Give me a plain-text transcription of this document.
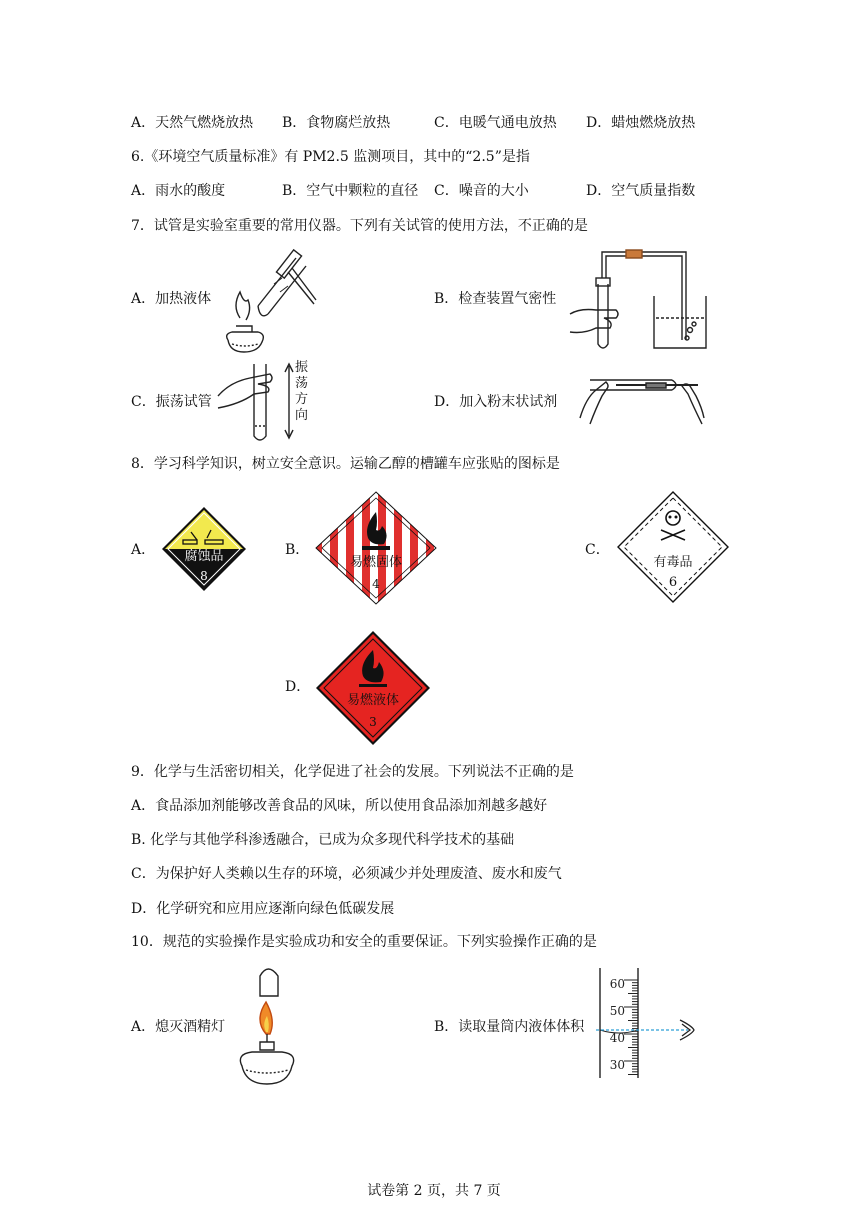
A．天然气燃烧放热 B．食物腐烂放热	C．电暖气通电放热 D．蜡烛燃烧放热
6.《环境空气质量标准》有 PM2.5 监测项目，其中的“2.5”是指
A．雨水的酸度	B．空气中颗粒的直径 C．噪音的大小	D．空气质量指数
7．试管是实验室重要的常用仪器。下列有关试管的使用方法，不正确的是
A．加热液体	B．检查装置气密性
C．振荡试管	D．加入粉末状试剂
振荡方向
8．学习科学知识，树立安全意识。运输乙醇的槽罐车应张贴的图标是
A．	B．	C．
D．
腐蚀品
8
易燃固体
4
有毒品
6
易燃液体
3
9．化学与生活密切相关，化学促进了社会的发展。下列说法不正确的是
A．食品添加剂能够改善食品的风味，所以使用食品添加剂越多越好
B. 化学与其他学科渗透融合，已成为众多现代科学技术的基础
C．为保护好人类赖以生存的环境，必须减少并处理废渣、废水和废气
D．化学研究和应用应逐渐向绿色低碳发展
10．规范的实验操作是实验成功和安全的重要保证。下列实验操作正确的是
A．熄灭酒精灯	B．读取量筒内液体体积
60
50
40
30
试卷第 2 页，共 7 页
